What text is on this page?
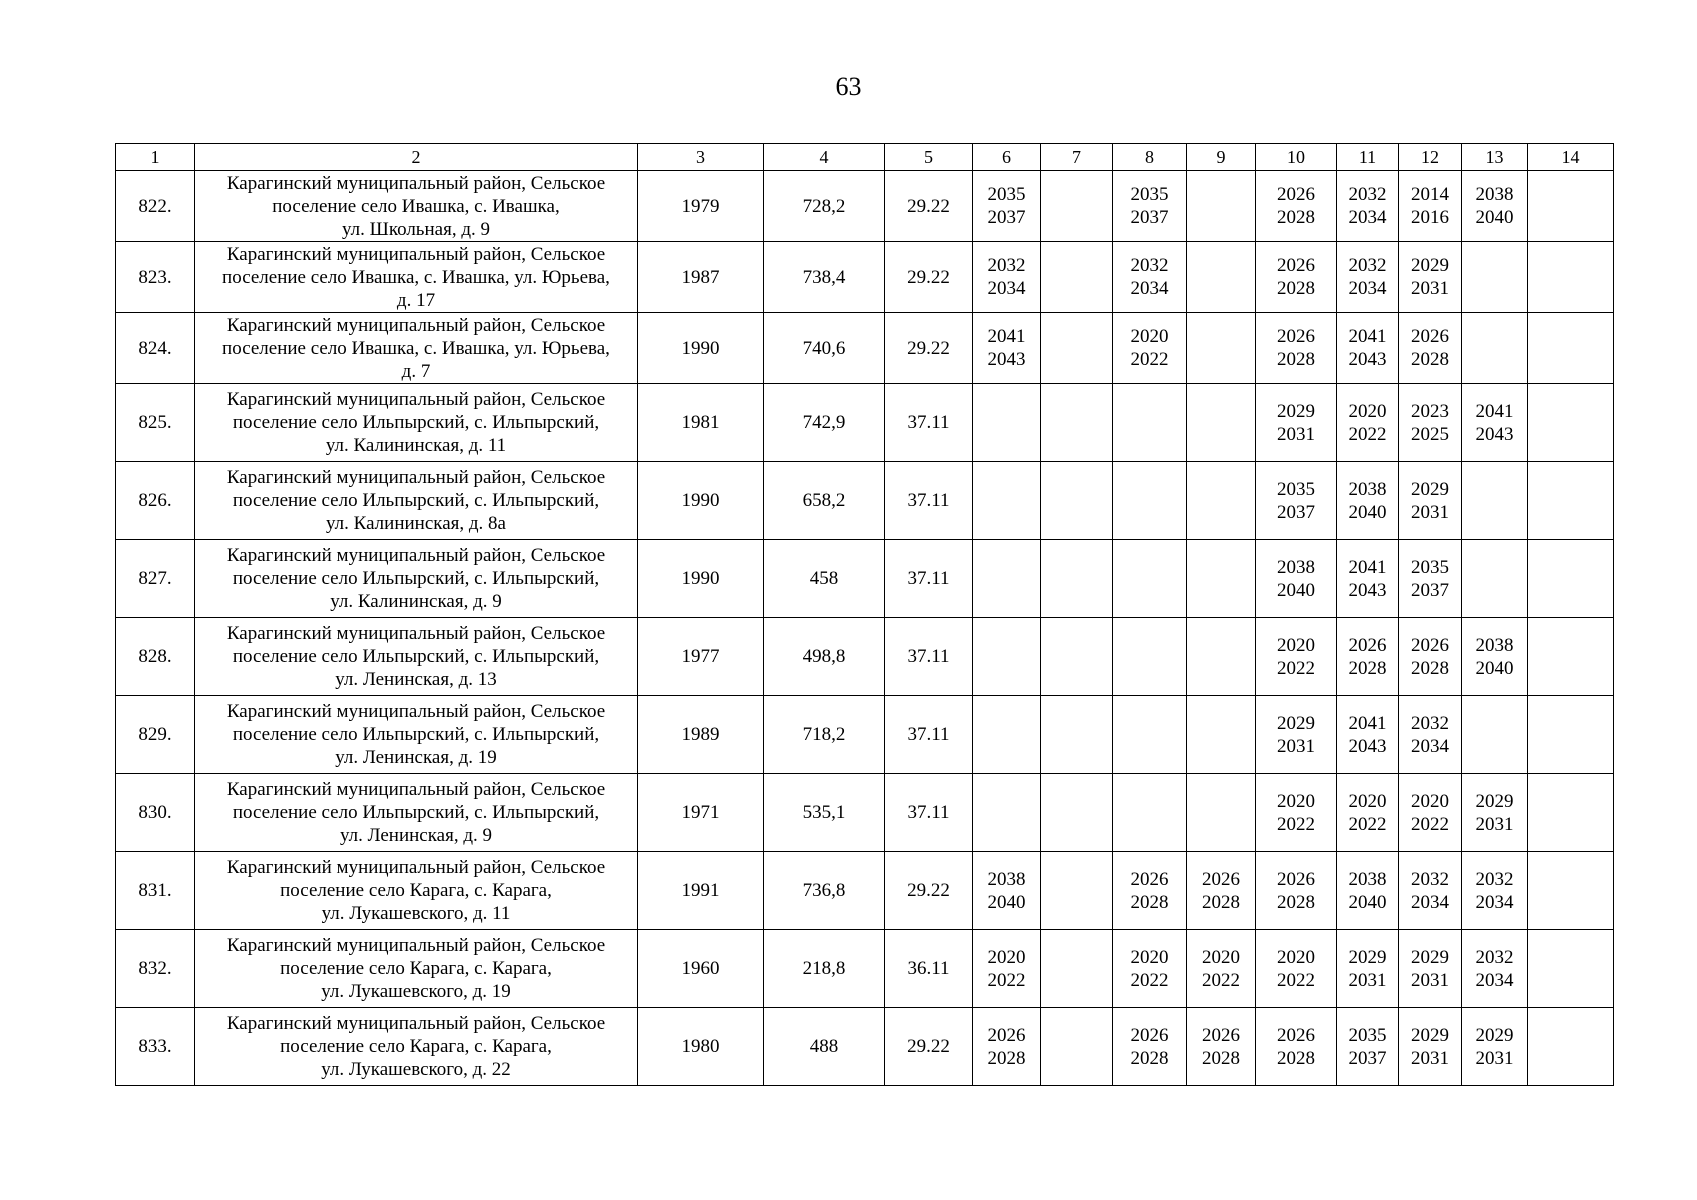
63
1	2	3	4	5	6	7	8	9	10	11	12	13	14

822.	Карагинский муниципальный район, Сельское
поселение село Ивашка, с. Ивашка,
ул. Школьная, д. 9	1979	728,2	29.22	2035
2037		2035
2037		2026
2028	2032
2034	2014
2016	2038
2040	

823.	Карагинский муниципальный район, Сельское
поселение село Ивашка, с. Ивашка, ул. Юрьева,
д. 17	1987	738,4	29.22	2032
2034		2032
2034		2026
2028	2032
2034	2029
2031		

824.	Карагинский муниципальный район, Сельское
поселение село Ивашка, с. Ивашка, ул. Юрьева,
д. 7	1990	740,6	29.22	2041
2043		2020
2022		2026
2028	2041
2043	2026
2028		

825.	Карагинский муниципальный район, Сельское
поселение село Ильпырский, с. Ильпырский,
ул. Калининская, д. 11	1981	742,9	37.11					2029
2031	2020
2022	2023
2025	2041
2043	

826.	Карагинский муниципальный район, Сельское
поселение село Ильпырский, с. Ильпырский,
ул. Калининская, д. 8а	1990	658,2	37.11					2035
2037	2038
2040	2029
2031		

827.	Карагинский муниципальный район, Сельское
поселение село Ильпырский, с. Ильпырский,
ул. Калининская, д. 9	1990	458	37.11					2038
2040	2041
2043	2035
2037		

828.	Карагинский муниципальный район, Сельское
поселение село Ильпырский, с. Ильпырский,
ул. Ленинская, д. 13	1977	498,8	37.11					2020
2022	2026
2028	2026
2028	2038
2040	

829.	Карагинский муниципальный район, Сельское
поселение село Ильпырский, с. Ильпырский,
ул. Ленинская, д. 19	1989	718,2	37.11					2029
2031	2041
2043	2032
2034		

830.	Карагинский муниципальный район, Сельское
поселение село Ильпырский, с. Ильпырский,
ул. Ленинская, д. 9	1971	535,1	37.11					2020
2022	2020
2022	2020
2022	2029
2031	

831.	Карагинский муниципальный район, Сельское
поселение село Карага, с. Карага,
ул. Лукашевского, д. 11	1991	736,8	29.22	2038
2040		2026
2028	2026
2028	2026
2028	2038
2040	2032
2034	2032
2034	

832.	Карагинский муниципальный район, Сельское
поселение село Карага, с. Карага,
ул. Лукашевского, д. 19	1960	218,8	36.11	2020
2022		2020
2022	2020
2022	2020
2022	2029
2031	2029
2031	2032
2034	

833.	Карагинский муниципальный район, Сельское
поселение село Карага, с. Карага,
ул. Лукашевского, д. 22	1980	488	29.22	2026
2028		2026
2028	2026
2028	2026
2028	2035
2037	2029
2031	2029
2031	
